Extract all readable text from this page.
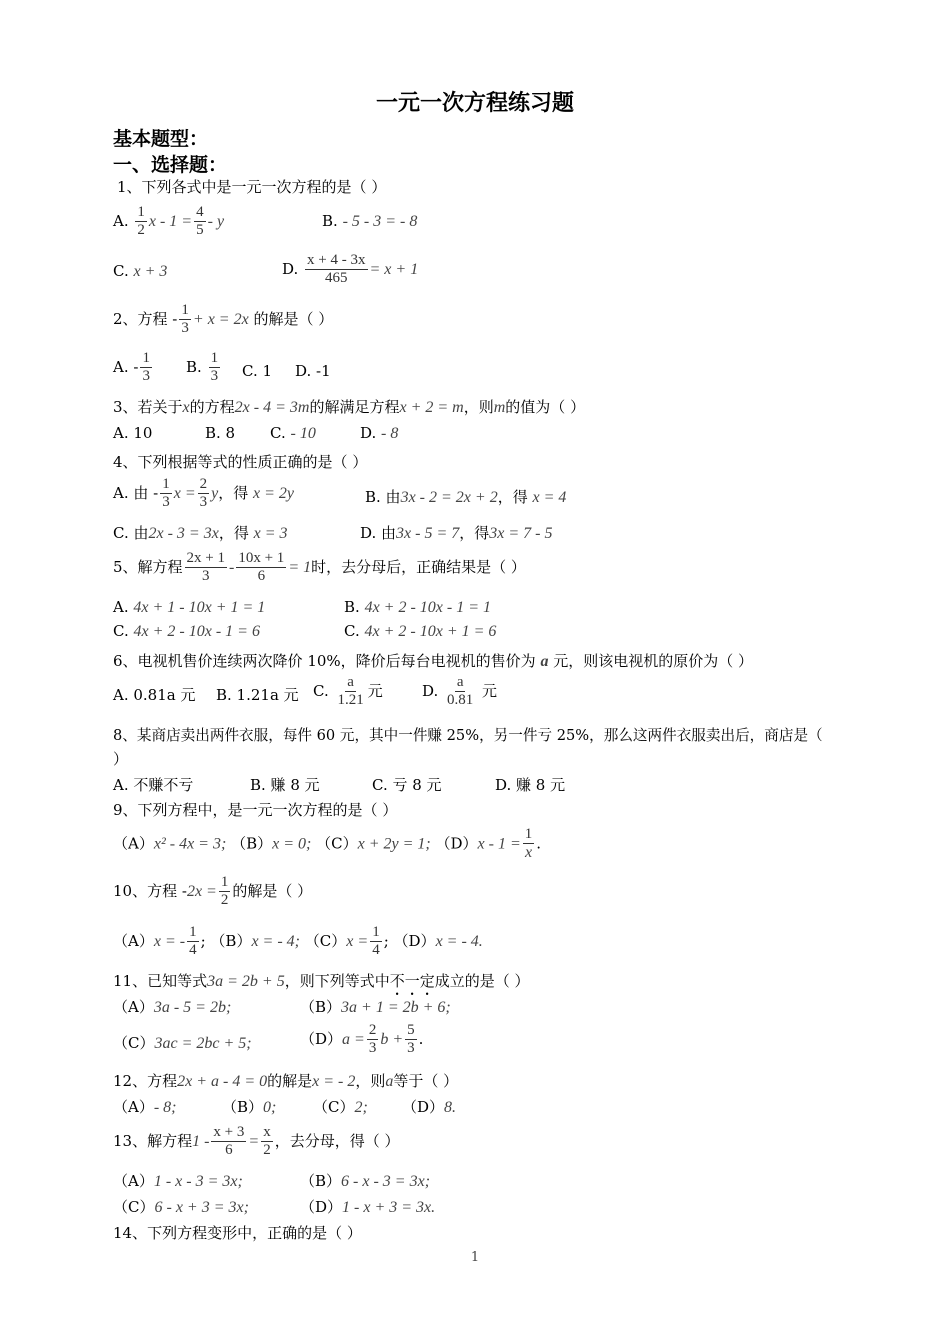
一元一次方程练习题
基本题型：
一、选择题：
1、下列各式中是一元一次方程的是（ ）
A. $\frac{1}{2}$ $x - 1 = \frac{4}{5} - y$	B. - 5 - 3 = - 8
C. x + 3	D. $\frac{x + 4 - 3x}{465} = x + 1$
2、方程 - $\frac{1}{3} + x = 2x$ 的解是（ ）
A. - $\frac{1}{3} B$. $\frac{1}{3} C$. 1 D. -1
3、若关于x的方程2x - 4 = 3m的解满足方程x + 2 = m，则m的值为（ ）
A. 10	B. 8 C. - 10	D. - 8
4、下列根据等式的性质正确的是（ ）
A. 由 - $\frac{1}{3}$ $x = \frac{2}{3}$ y，得 x = 2y	B. 由3x - 2 = 2x + 2，得 x = 4
C. 由2x - 3 = 3x，得 x = 3	D. 由3x - 5 = 7，得3x = 7 - 5
5、解方程 $\frac{2x + 1}{3} - \frac{10x + 1}{6} = 1$时，去分母后，正确结果是（ ）
A. 4x + 1 - 10x + 1 = 1	B. 4x + 2 - 10x - 1 = 1
C. 4x + 2 - 10x - 1 = 6	C. 4x + 2 - 10x + 1 = 6
6、电视机售价连续两次降价 10%，降价后每台电视机的售价为 a 元，则该电视机的原价为（ ）
A. 0.81a 元 B. 1.21a 元 C. $\frac{a}{1.21}$ 元	D. $\frac{a}{0.81}$ 元
8、某商店卖出两件衣服，每件 60 元，其中一件赚 25%，另一件亏 25%，那么这两件衣服卖出后，商店是（
）
A. 不赚不亏	B. 赚 8 元	C. 亏 8 元	D. 赚 8 元
9、下列方程中，是一元一次方程的是（ ）
（A）x² - 4x = 3; （B）x = 0; （C）x + 2y = 1; $(D)x - 1 = \frac{1}{x}$ .
10、方程 $-2x = \frac{1}{2}$ 的解是（ ）
（A）x = - $\frac{1}{4}$ ; （B）x = - 4; $(C)x = \frac{1}{4}$ ; （D）x = - 4.
11、已知等式3a = 2b + 5，则下列等式中不一定成立的是（ ）
（A）3a - 5 = 2b;	（B）3a + 1 = 2b + 6;
（C）3ac = 2bc + 5;	$(D)a = \frac{2}{3}$ $b + \frac{5}{3}$ .
12、方程2x + a - 4 = 0的解是x = - 2，则a等于（ ）
（A）- 8;	（B）0; （C）2; （D）8.
13、解方程$1 - \frac{x + 3}{6} = \frac{x}{2}$ ，去分母，得（ ）
（A）1 - x - 3 = 3x;	（B）6 - x - 3 = 3x;
（C）6 - x + 3 = 3x;	（D）1 - x + 3 = 3x.
14、下列方程变形中，正确的是（ ）
1
